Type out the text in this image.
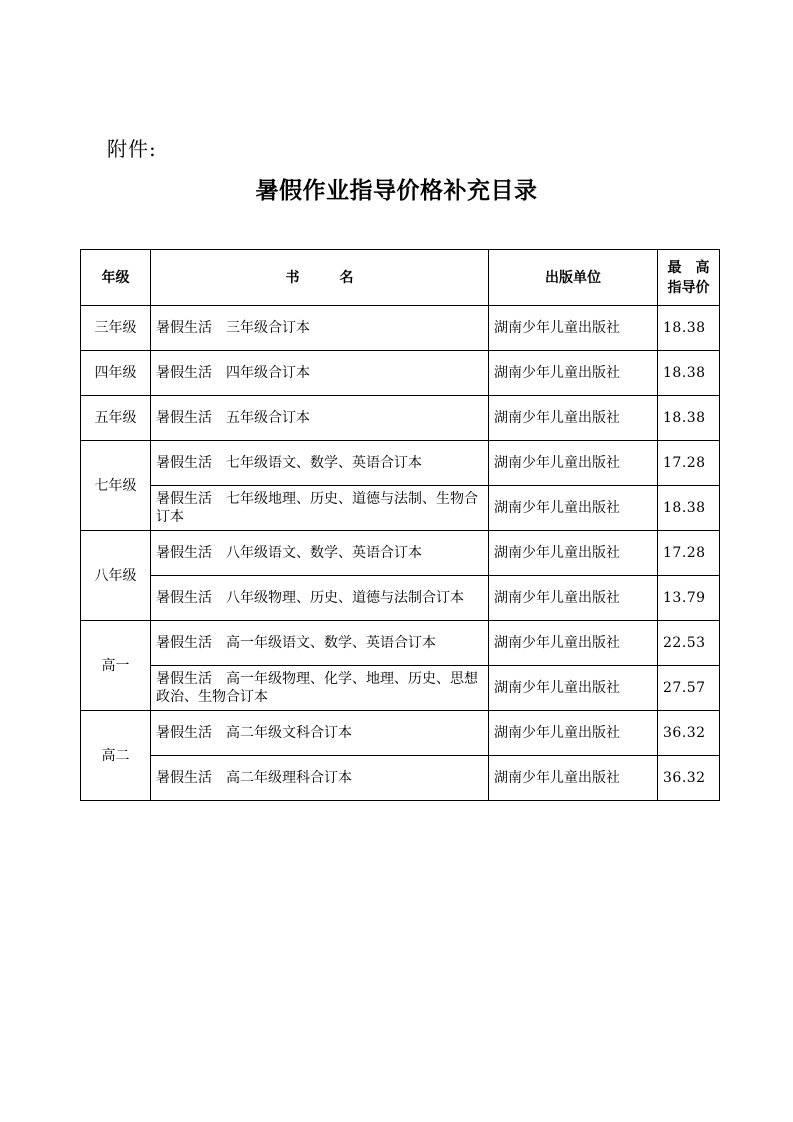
附件:
暑假作业指导价格补充目录
年级	书 名	出版单位	最　高
指导价

三年级	暑假生活　三年级合订本	湖南少年儿童出版社	18.38
四年级	暑假生活　四年级合订本	湖南少年儿童出版社	18.38
五年级	暑假生活　五年级合订本	湖南少年儿童出版社	18.38
七年级	暑假生活　七年级语文、数学、英语合订本	湖南少年儿童出版社	17.28
	暑假生活　七年级地理、历史、道德与法制、生物合订本	湖南少年儿童出版社	18.38
八年级	暑假生活　八年级语文、数学、英语合订本	湖南少年儿童出版社	17.28
	暑假生活　八年级物理、历史、道德与法制合订本	湖南少年儿童出版社	13.79
高一	暑假生活　高一年级语文、数学、英语合订本	湖南少年儿童出版社	22.53
	暑假生活　高一年级物理、化学、地理、历史、思想政治、生物合订本	湖南少年儿童出版社	27.57
高二	暑假生活　高二年级文科合订本	湖南少年儿童出版社	36.32
	暑假生活　高二年级理科合订本	湖南少年儿童出版社	36.32
